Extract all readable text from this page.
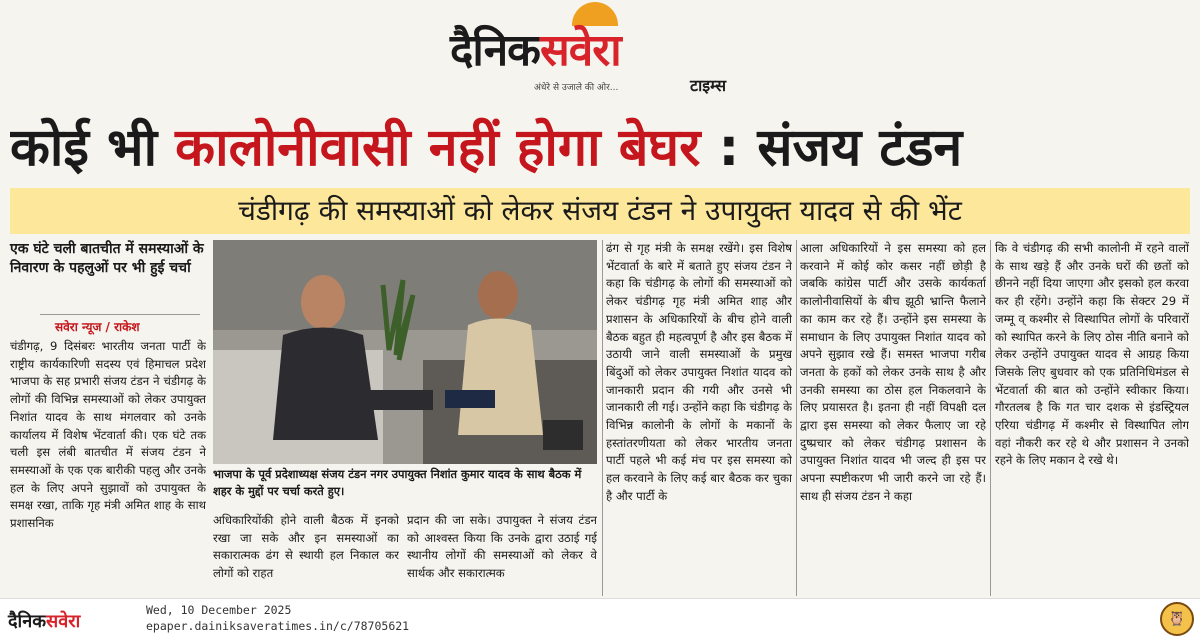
दैनिकसवेरा
अंधेरे से उजाले की ओर...	टाइम्स
कोई भी कालोनीवासी नहीं होगा बेघर : संजय टंडन
चंडीगढ़ की समस्याओं को लेकर संजय टंडन ने उपायुक्त यादव से की भेंट
एक घंटे चली बातचीत में समस्याओं के निवारण के पहलुओं पर भी हुई चर्चा
सवेरा न्यूज / राकेश
चंडीगढ़, 9 दिसंबरः भारतीय जनता पार्टी के राष्ट्रीय कार्यकारिणी सदस्य एवं हिमाचल प्रदेश भाजपा के सह प्रभारी संजय टंडन ने चंडीगढ़ के लोगों की विभिन्न समस्याओं को लेकर उपायुक्त निशांत यादव के साथ मंगलवार को उनके कार्यालय में विशेष भेंटवार्ता की। एक घंटे तक चली इस लंबी बातचीत में संजय टंडन ने समस्याओं के एक एक बारीकी पहलु और उनके हल के लिए अपने सुझावों को उपायुक्त के समक्ष रखा, ताकि गृह मंत्री अमित शाह के साथ प्रशासनिक
भाजपा के पूर्व प्रदेशाध्यक्ष संजय टंडन नगर उपायुक्त निशांत कुमार यादव के साथ बैठक में शहर के मुद्दों पर चर्चा करते हुए।
अधिकारियोंकी होने वाली बैठक में इनको रखा जा सके और इन समस्याओं का सकारात्मक ढंग से स्थायी हल निकाल कर लोगों को राहत
प्रदान की जा सके। उपायुक्त ने संजय टंडन को आश्वस्त किया कि उनके द्वारा उठाई गई स्थानीय लोगों की समस्याओं को लेकर वे सार्थक और सकारात्मक
ढंग से गृह मंत्री के समक्ष रखेंगे। इस विशेष भेंटवार्ता के बारे में बताते हुए संजय टंडन ने कहा कि चंडीगढ़ के लोगों की समस्याओं को लेकर चंडीगढ़ गृह मंत्री अमित शाह और प्रशासन के अधिकारियों के बीच होने वाली बैठक बहुत ही महत्वपूर्ण है और इस बैठक में उठायी जाने वाली समस्याओं के प्रमुख बिंदुओं को लेकर उपायुक्त निशांत यादव को जानकारी प्रदान की गयी और उनसे भी जानकारी ली गई। उन्होंने कहा कि चंडीगढ़ के विभिन्न कालोनी के लोगों के मकानों के हस्तांतरणीयता को लेकर भारतीय जनता पार्टी पहले भी कई मंच पर इस समस्या को हल करवाने के लिए कई बार बैठक कर चुका है और पार्टी के
आला अधिकारियों ने इस समस्या को हल करवाने में कोई कोर कसर नहीं छोड़ी है जबकि कांग्रेस पार्टी और उसके कार्यकर्ता कालोनीवासियों के बीच झूठी भ्रान्ति फैलाने का काम कर रहे हैं। उन्होंने इस समस्या के समाधान के लिए उपायुक्त निशांत यादव को अपने सुझाव रखे हैं। समस्त भाजपा गरीब जनता के हकों को लेकर उनके साथ है और उनकी समस्या का ठोस हल निकलवाने के लिए प्रयासरत है। इतना ही नहीं विपक्षी दल द्वारा इस समस्या को लेकर फैलाए जा रहे दुष्प्रचार को लेकर चंडीगढ़ प्रशासन के उपायुक्त निशांत यादव भी जल्द ही इस पर अपना स्पष्टीकरण भी जारी करने जा रहे हैं। साथ ही संजय टंडन ने कहा
कि वे चंडीगढ़ की सभी कालोनी में रहने वालों के साथ खड़े हैं और उनके घरों की छतों को छीनने नहीं दिया जाएगा और इसको हल करवा कर ही रहेंगे। उन्होंने कहा कि सेक्टर 29 में जम्मू व् कश्मीर से विस्थापित लोगों के परिवारों को स्थापित करने के लिए ठोस नीति बनाने को लेकर उन्होंने उपायुक्त यादव से आग्रह किया जिसके लिए बुधवार को एक प्रतिनिधिमंडल से भेंटवार्ता की बात को उन्होंने स्वीकार किया। गौरतलब है कि गत चार दशक से इंडस्ट्रियल एरिया चंडीगढ़ में कश्मीर से विस्थापित लोग वहां नौकरी कर रहे थे और प्रशासन ने उनको रहने के लिए मकान दे रखे थे।
दैनिकसवेरा
Wed, 10 December 2025
epaper.dainiksaveratimes.in/c/78705621	🦉
